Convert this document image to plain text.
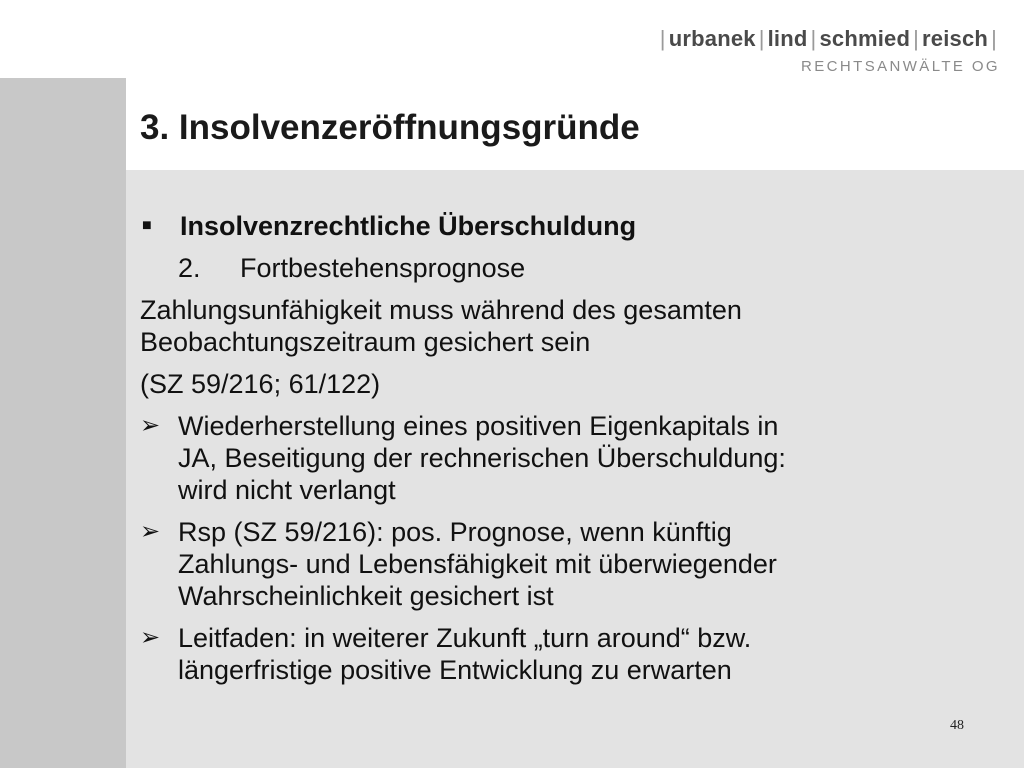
| urbanek | lind | schmied | reisch |
RECHTSANWÄLTE OG
3. Insolvenzeröffnungsgründe
■	Insolvenzrechtliche Überschuldung
2. Fortbestehensprognose
Zahlungsunfähigkeit muss während des gesamten
Beobachtungszeitraum gesichert sein
(SZ 59/216; 61/122)
➢ Wiederherstellung eines positiven Eigenkapitals in
JA, Beseitigung der rechnerischen Überschuldung:
wird nicht verlangt
➢ Rsp (SZ 59/216): pos. Prognose, wenn künftig
Zahlungs- und Lebensfähigkeit mit überwiegender
Wahrscheinlichkeit gesichert ist
➢ Leitfaden: in weiterer Zukunft „turn around“ bzw.
längerfristige positive Entwicklung zu erwarten
48
